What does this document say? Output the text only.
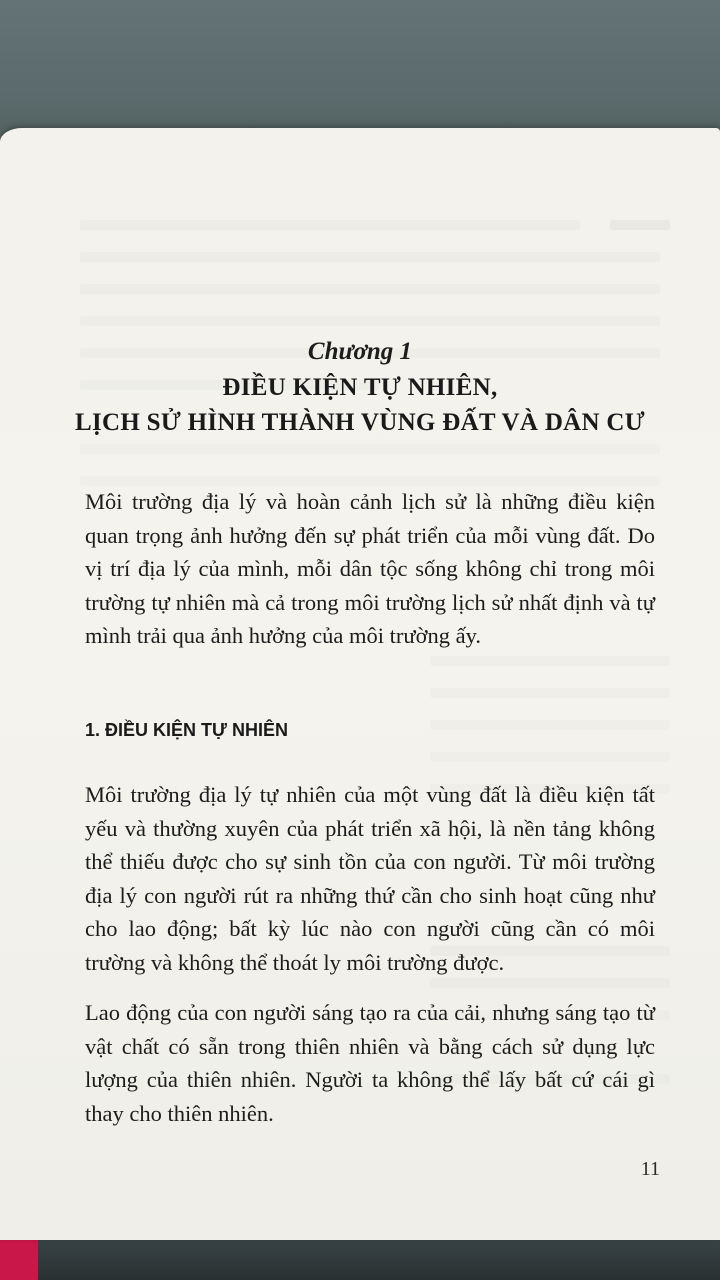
Chương 1
ĐIỀU KIỆN TỰ NHIÊN,
LỊCH SỬ HÌNH THÀNH VÙNG ĐẤT VÀ DÂN CƯ

Môi trường địa lý và hoàn cảnh lịch sử là những điều kiện quan trọng ảnh hưởng đến sự phát triển của mỗi vùng đất. Do vị trí địa lý của mình, mỗi dân tộc sống không chỉ trong môi trường tự nhiên mà cả trong môi trường lịch sử nhất định và tự mình trải qua ảnh hưởng của môi trường ấy.

1. ĐIỀU KIỆN TỰ NHIÊN

Môi trường địa lý tự nhiên của một vùng đất là điều kiện tất yếu và thường xuyên của phát triển xã hội, là nền tảng không thể thiếu được cho sự sinh tồn của con người. Từ môi trường địa lý con người rút ra những thứ cần cho sinh hoạt cũng như cho lao động; bất kỳ lúc nào con người cũng cần có môi trường và không thể thoát ly môi trường được.

Lao động của con người sáng tạo ra của cải, nhưng sáng tạo từ vật chất có sẵn trong thiên nhiên và bằng cách sử dụng lực lượng của thiên nhiên. Người ta không thể lấy bất cứ cái gì thay cho thiên nhiên.

11
